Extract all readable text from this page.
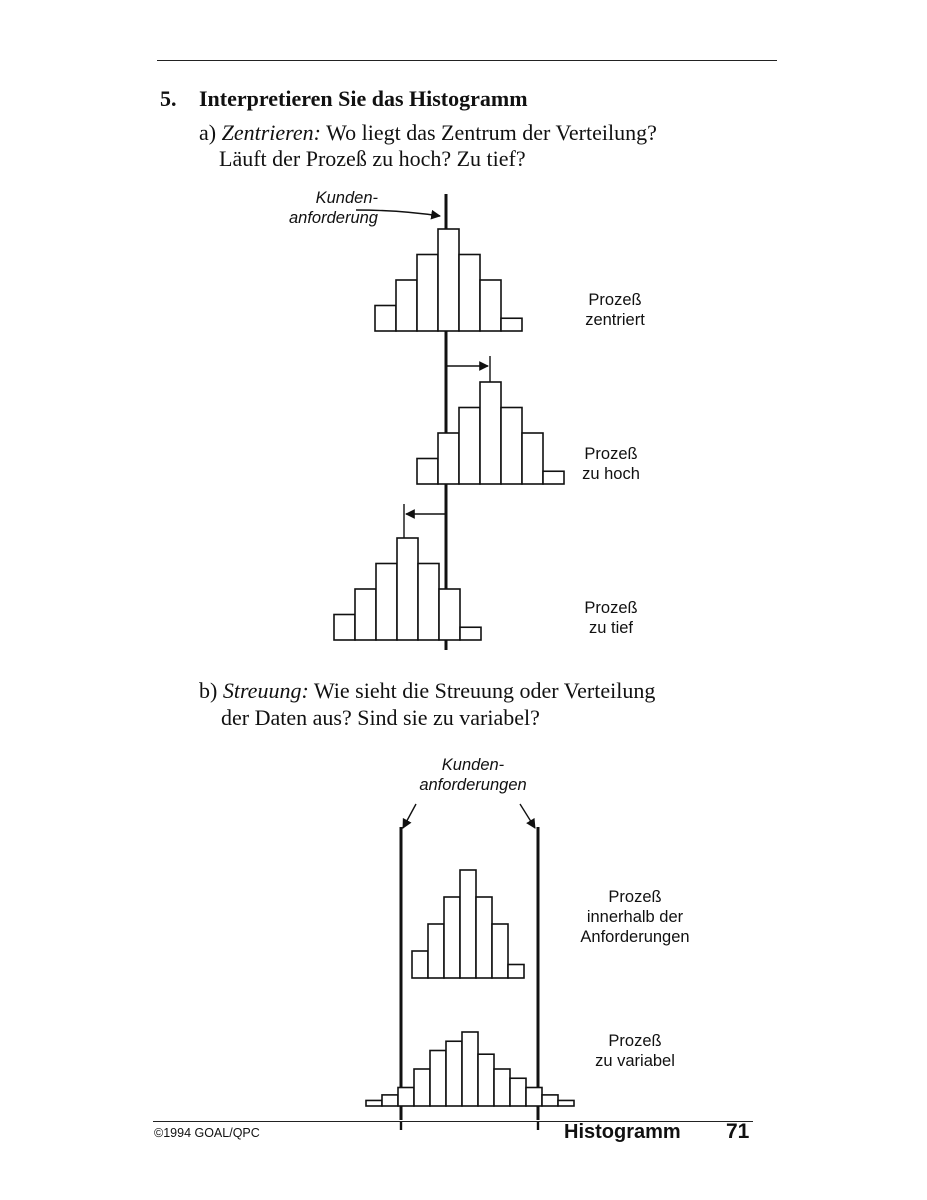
5. Interpretieren Sie das Histogramm
a) Zentrieren: Wo liegt das Zentrum der Verteilung?
Läuft der Prozeß zu hoch? Zu tief?
Kunden-
anforderung
Prozeß
zentriert
Prozeß
zu hoch
Prozeß
zu tief
b) Streuung: Wie sieht die Streuung oder Verteilung
der Daten aus? Sind sie zu variabel?
Kunden-
anforderungen
Prozeß
innerhalb der
Anforderungen
Prozeß
zu variabel
©1994 GOAL/QPC	Histogramm 71
